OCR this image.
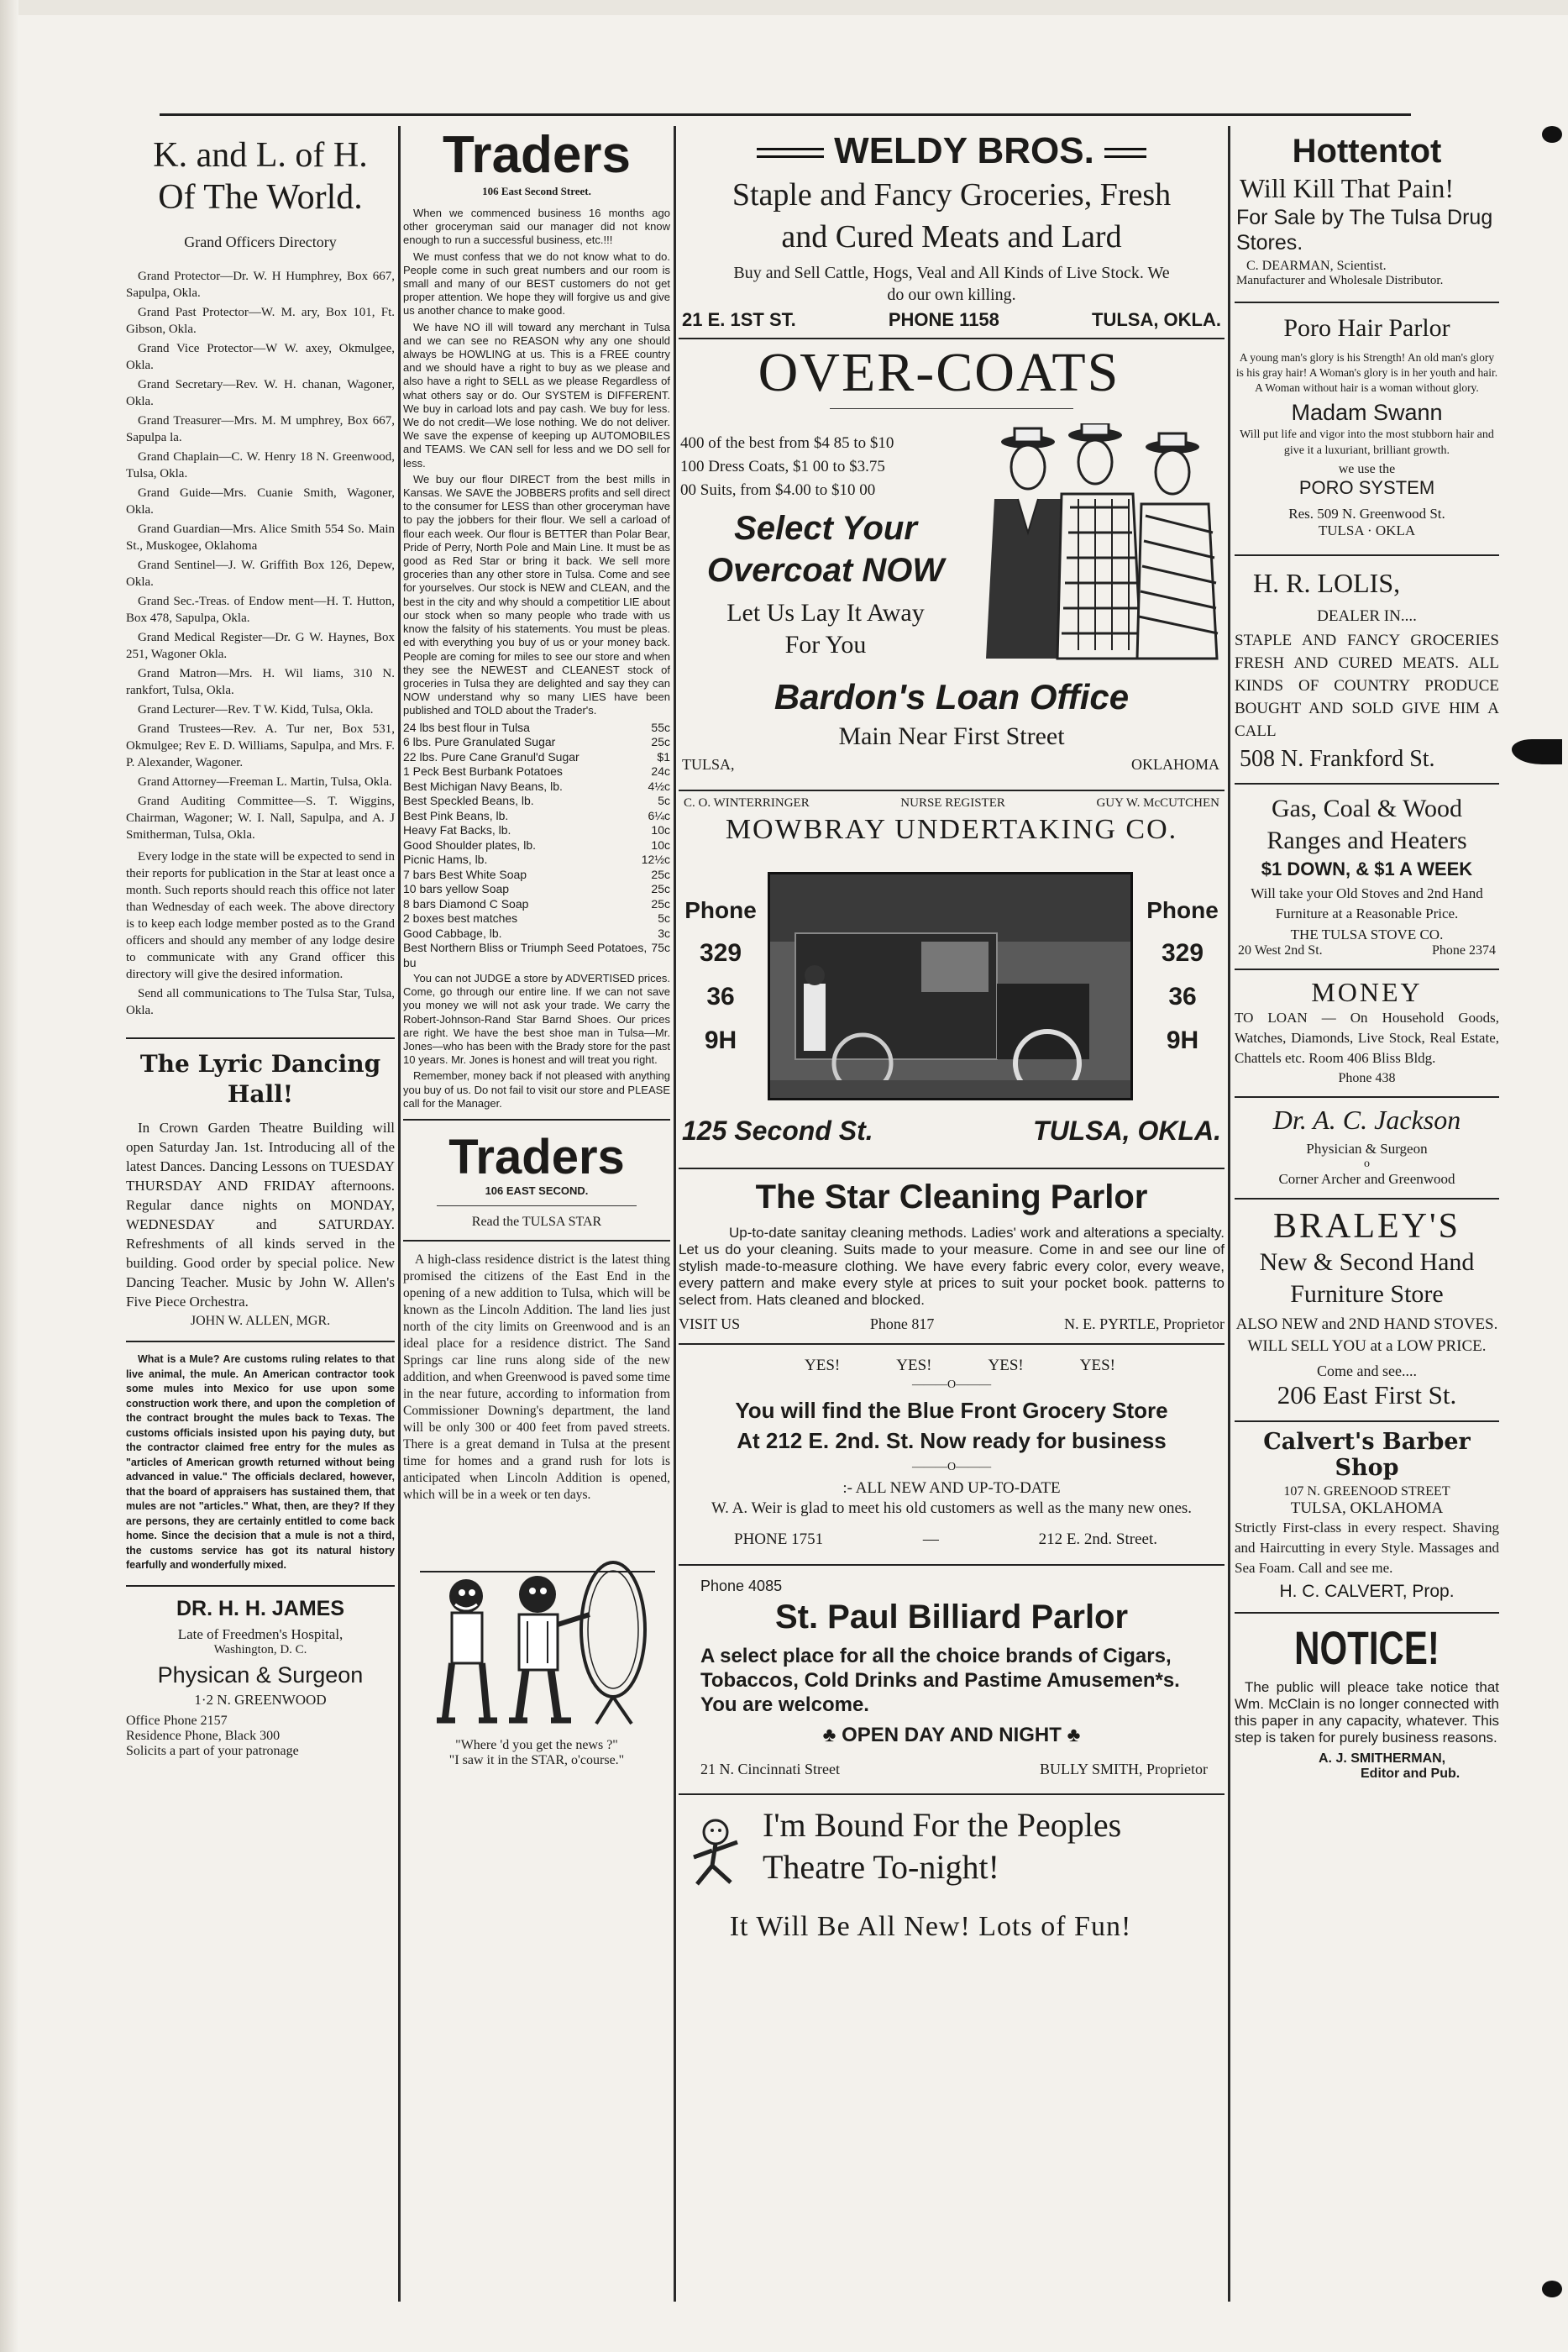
K. and L. of H.
Of The World.
Grand Officers Directory

Grand Protector—Dr. W. H Humphrey, Box 667, Sapulpa, Okla.

Grand Past Protector—W. M. ary, Box 101, Ft. Gibson, Okla.

Grand Vice Protector—W W. axey, Okmulgee, Okla.

Grand Secretary—Rev. W. H. chanan, Wagoner, Okla.

Grand Treasurer—Mrs. M. M umphrey, Box 667, Sapulpa la.

Grand Chaplain—C. W. Henry 18 N. Greenwood, Tulsa, Okla.

Grand Guide—Mrs. Cuanie Smith, Wagoner, Okla.

Grand Guardian—Mrs. Alice Smith 554 So. Main St., Muskogee, Oklahoma

Grand Sentinel—J. W. Griffith Box 126, Depew, Okla.

Grand Sec.-Treas. of Endow ment—H. T. Hutton, Box 478, Sapulpa, Okla.

Grand Medical Register—Dr. G W. Haynes, Box 251, Wagoner Okla.

Grand Matron—Mrs. H. Wil liams, 310 N. rankfort, Tulsa, Okla.

Grand Lecturer—Rev. T W. Kidd, Tulsa, Okla.

Grand Trustees—Rev. A. Tur ner, Box 531, Okmulgee; Rev E. D. Williams, Sapulpa, and Mrs. F. P. Alexander, Wagoner.

Grand Attorney—Freeman L. Martin, Tulsa, Okla.

Grand Auditing Committee—S. T. Wiggins, Chairman, Wagoner; W. I. Nall, Sapulpa, and A. J Smitherman, Tulsa, Okla.

Every lodge in the state will be expected to send in their reports for publication in the Star at least once a month. Such reports should reach this office not later than Wednesday of each week. The above directory is to keep each lodge member posted as to the Grand officers and should any member of any lodge desire to communicate with any Grand officer this directory will give the desired information.

Send all communications to The Tulsa Star, Tulsa, Okla.

The Lyric Dancing Hall!

In Crown Garden Theatre Building will open Saturday Jan. 1st. Introducing all of the latest Dances. Dancing Lessons on TUESDAY THURSDAY AND FRIDAY afternoons. Regular dance nights on MONDAY, WEDNESDAY and SATURDAY. Refreshments of all kinds served in the building. Good order by special police. New Dancing Teacher. Music by John W. Allen's Five Piece Orchestra.

JOHN W. ALLEN, MGR.

What is a Mule? Are customs ruling relates to that live animal, the mule. An American contractor took some mules into Mexico for use upon some construction work there, and upon the completion of the contract brought the mules back to Texas. The customs officials insisted upon his paying duty, but the contractor claimed free entry for the mules as "articles of American growth returned without being advanced in value." The officials declared, however, that the board of appraisers has sustained them, that mules are not "articles." What, then, are they? If they are persons, they are certainly entitled to come back home. Since the decision that a mule is not a third, the customs service has got its natural history fearfully and wonderfully mixed.

DR. H. H. JAMES
Late of Freedmen's Hospital,
Washington, D. C.
Physican & Surgeon
1·2 N. GREENWOOD
Office Phone 2157
Residence Phone, Black 300
Solicits a part of your patronage
Traders
106 East Second Street.

When we commenced business 16 months ago other groceryman said our manager did not know enough to run a successful business, etc.!!!

We must confess that we do not know what to do. People come in such great numbers and our room is small and many of our BEST customers do not get proper attention. We hope they will forgive us and give us another chance to make good.

We have NO ill will toward any merchant in Tulsa and we can see no REASON why any one should always be HOWLING at us. This is a FREE country and we should have a right to buy as we please and also have a right to SELL as we please Regardless of what others say or do. Our SYSTEM is DIFFERENT. We buy in carload lots and pay cash. We buy for less. We do not credit—We lose nothing. We do not deliver. We save the expense of keeping up AUTOMOBILES and TEAMS. We CAN sell for less and we DO sell for less.

We buy our flour DIRECT from the best mills in Kansas. We SAVE the JOBBERS profits and sell direct to the consumer for LESS than other groceryman have to pay the jobbers for their flour. We sell a carload of flour each week. Our flour is BETTER than Polar Bear, Pride of Perry, North Pole and Main Line. It must be as good as Red Star or bring it back. We sell more groceries than any other store in Tulsa. Come and see for yourselves. Our stock is NEW and CLEAN, and the best in the city and why should a competitior LIE about our stock when so many people who trade with us know the falsity of his statements. You must be pleas. ed with everything you buy of us or your money back. People are coming for miles to see our store and when they see the NEWEST and CLEANEST stock of groceries in Tulsa they are delighted and say they can NOW understand why so many LIES have been published and TOLD about the Trader's.

24 lbs best flour in Tulsa	55c
6 lbs. Pure Granulated Sugar	25c
22 lbs. Pure Cane Granul'd Sugar	$1
1 Peck Best Burbank Potatoes	24c
Best Michigan Navy Beans, lb.	4½c
Best Speckled Beans, lb.	5c
Best Pink Beans, lb.	6¼c
Heavy Fat Backs, lb.	10c
Good Shoulder plates, lb.	10c
Picnic Hams, lb.	12½c
7 bars Best White Soap	25c
10 bars yellow Soap	25c
8 bars Diamond C Soap	25c
2 boxes best matches	5c
Good Cabbage, lb.	3c
Best Northern Bliss or Triumph Seed Potatoes, bu
75c

You can not JUDGE a store by ADVERTISED prices. Come, go through our entire line. If we can not save you money we will not ask your trade. We carry the Robert-Johnson-Rand Star Barnd Shoes. Our prices are right. We have the best shoe man in Tulsa—Mr. Jones—who has been with the Brady store for the past 10 years. Mr. Jones is honest and will treat you right.

Remember, money back if not pleased with anything you buy of us. Do not fail to visit our store and PLEASE call for the Manager.

Traders
106 EAST SECOND.
Read the TULSA STAR

A high-class residence district is the latest thing promised the citizens of the East End in the opening of a new addition to Tulsa, which will be known as the Lincoln Addition. The land lies just north of the city limits on Greenwood and is an ideal place for a residence district. The Sand Springs car line runs along side of the new addition, and when Greenwood is paved some time in the near future, according to information from Commissioner Downing's department, the land will be only 300 or 400 feet from paved streets. There is a great demand in Tulsa at the present time for homes and a grand rush for lots is anticipated when Lincoln Addition is opened, which will be in a week or ten days.

"Where 'd you get the news ?"
"I saw it in the STAR, o'course."
WELDY BROS.
Staple and Fancy Groceries, Fresh
and Cured Meats and Lard
Buy and Sell Cattle, Hogs, Veal and All Kinds of Live Stock. We do our own killing.
21 E. 1ST ST.	PHONE 1158	TULSA, OKLA.
OVER-COATS
400 of the best from $4 85 to $10
100 Dress Coats, $1 00 to $3.75
00 Suits, from $4.00 to $10 00
Select Your
Overcoat NOW
Let Us Lay It Away
For You
Bardon's Loan Office
Main Near First Street
TULSA,	OKLAHOMA
C. O. WINTERRINGER	NURSE REGISTER	GUY W. McCUTCHEN
MOWBRAY UNDERTAKING CO.
Phone
329
36
9H
Phone
329
36
9H
125 Second St.	TULSA, OKLA.
The Star Cleaning Parlor

Up-to-date sanitay cleaning methods. Ladies' work and alterations a specialty. Let us do your cleaning. Suits made to your measure. Come in and see our line of stylish made-to-measure clothing. We have every fabric every color, every weave, every pattern and make every style at prices to suit your pocket book. patterns to select from. Hats cleaned and blocked.

VISIT US	Phone 817	N. E. PYRTLE, Proprietor
YES!	YES!	YES!	YES!
———O———
You will find the Blue Front Grocery Store
At 212 E. 2nd. St. Now ready for business
———O———
:- ALL NEW AND UP-TO-DATE

W. A. Weir is glad to meet his old customers as well as the many new ones.

PHONE 1751	—	212 E. 2nd. Street.
Phone 4085
St. Paul Billiard Parlor

A select place for all the choice brands of Cigars, Tobaccos, Cold Drinks and Pastime Amusemen*s. You are welcome.

♣ OPEN DAY AND NIGHT ♣
21 N. Cincinnati Street	BULLY SMITH, Proprietor
I'm Bound For the Peoples
Theatre To-night!
It Will Be All New! Lots of Fun!
Hottentot
Will Kill That Pain!
For Sale by The Tulsa Drug Stores.
C. DEARMAN, Scientist.
Manufacturer and Wholesale Distributor.
Poro Hair Parlor

A young man's glory is his Strength! An old man's glory is his gray hair! A Woman's glory is in her youth and hair. A Woman without hair is a woman without glory.

Madam Swann

Will put life and vigor into the most stubborn hair and give it a luxuriant, brilliant growth.

we use the
PORO SYSTEM
Res. 509 N. Greenwood St.
TULSA · OKLA
H. R. LOLIS,
DEALER IN....

STAPLE AND FANCY GROCERIES FRESH AND CURED MEATS. ALL KINDS OF COUNTRY PRODUCE BOUGHT AND SOLD GIVE HIM A CALL

508 N. Frankford St.
Gas, Coal & Wood Ranges and Heaters
$1 DOWN, & $1 A WEEK

Will take your Old Stoves and 2nd Hand Furniture at a Reasonable Price.

THE TULSA STOVE CO.
20 West 2nd St.	Phone 2374
MONEY

TO LOAN — On Household Goods, Watches, Diamonds, Live Stock, Real Estate, Chattels etc. Room 406 Bliss Bldg.

Phone 438
Dr. A. C. Jackson
Physician & Surgeon
o
Corner Archer and Greenwood
BRALEY'S
New & Second Hand
Furniture Store

ALSO NEW and 2ND HAND STOVES. WILL SELL YOU at a LOW PRICE.

Come and see....
206 East First St.
Calvert's Barber Shop
107 N. GREENOOD STREET
TULSA, OKLAHOMA

Strictly First-class in every respect. Shaving and Haircutting in every Style. Massages and Sea Foam. Call and see me.

H. C. CALVERT, Prop.
NOTICE!

The public will pleace take notice that Wm. McClain is no longer connected with this paper in any capacity, whatever. This step is taken for purely business reasons.

A. J. SMITHERMAN,
Editor and Pub.
